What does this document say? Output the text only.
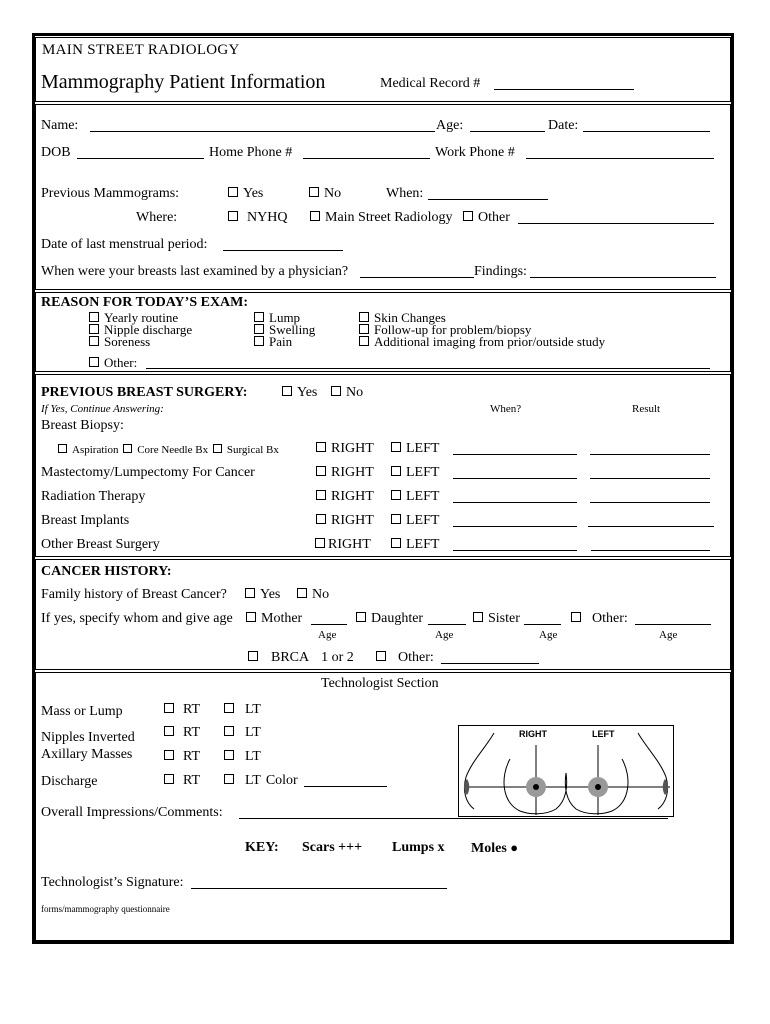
MAIN STREET RADIOLOGY
Mammography Patient Information	Medical Record #
Name:	Age:	Date:
DOB	Home Phone #	Work Phone #
Previous Mammograms:	Yes	No	When:
Where:	NYHQ	Main Street Radiology	Other
Date of last menstrual period:
When were your breasts last examined by a physician?	Findings:
REASON FOR TODAY’S EXAM:
Yearly routine
Nipple discharge
Soreness
Lump
Swelling
Pain
Skin Changes
Follow-up for problem/biopsy
Additional imaging from prior/outside study
Other:
PREVIOUS BREAST SURGERY:	Yes	No
If Yes, Continue Answering:	When?	Result
Breast Biopsy:
Aspiration Core Needle Bx Surgical Bx	RIGHT	LEFT
Mastectomy/Lumpectomy For Cancer	RIGHT	LEFT
Radiation Therapy	RIGHT	LEFT
Breast Implants	RIGHT	LEFT
Other Breast Surgery	RIGHT	LEFT
CANCER HISTORY:
Family history of Breast Cancer?	Yes	No
If yes, specify whom and give age	Mother	Daughter	Sister	Other:
Age	Age	Age	Age
BRCA 1 or 2	Other:
Technologist Section
Mass or Lump	RT	LT
Nipples Inverted	RT	LT
Axillary Masses	RT	LT
Discharge	RT	LT Color
RIGHT	LEFT
Overall Impressions/Comments:
KEY: Scars +++ Lumps x Moles ●
Technologist’s Signature:
forms/mammography questionnaire
